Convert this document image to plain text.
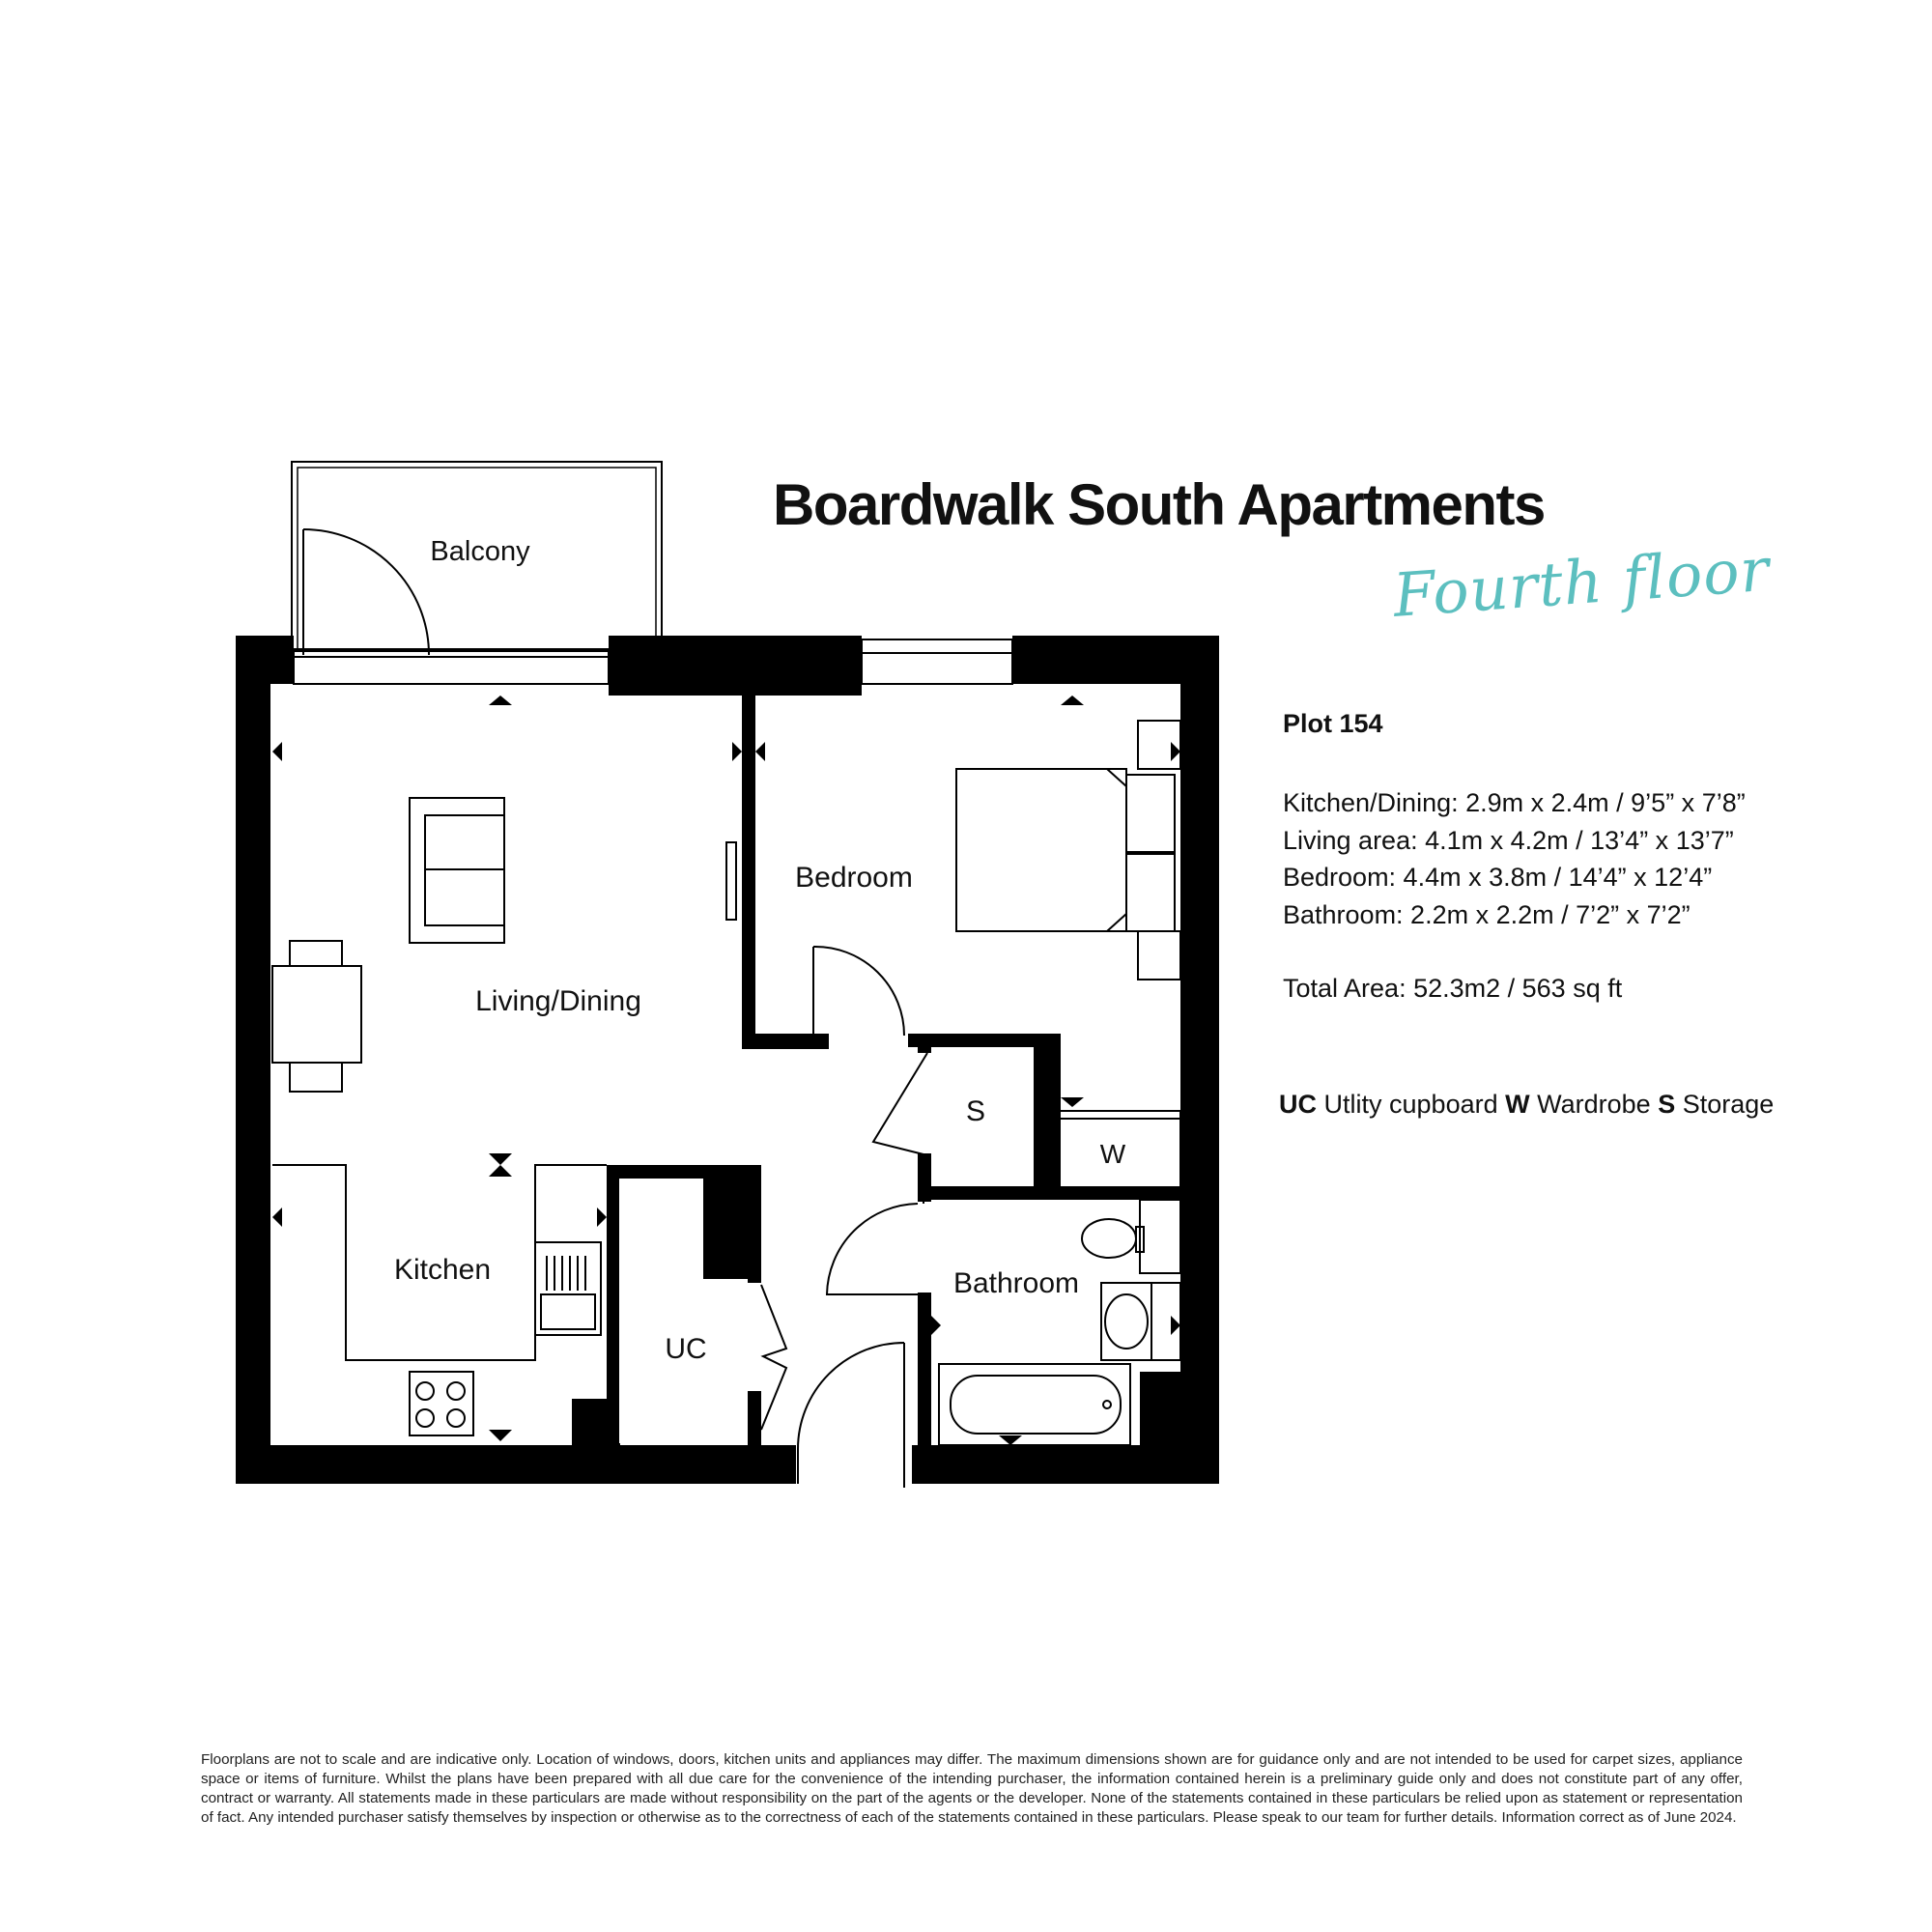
Balcony
Living/Dining
Bedroom
Kitchen
UC
S
W
Bathroom
Boardwalk South Apartments
Fourth floor
Plot 154
Kitchen/Dining: 2.9m x 2.4m / 9’5” x 7’8”
Living area: 4.1m x 4.2m / 13’4” x 13’7”
Bedroom: 4.4m x 3.8m / 14’4” x 12’4”
Bathroom: 2.2m x 2.2m / 7’2” x 7’2”
Total Area: 52.3m2 / 563 sq ft
UC Utlity cupboard W Wardrobe S Storage
Floorplans are not to scale and are indicative only. Location of windows, doors, kitchen units and appliances may differ. The maximum dimensions shown are for guidance only and are not intended to be used for carpet sizes, appliance space or items of furniture. Whilst the plans have been prepared with all due care for the convenience of the intending purchaser, the information contained herein is a preliminary guide only and does not constitute part of any offer, contract or warranty. All statements made in these particulars are made without responsibility on the part of the agents or the developer. None of the statements contained in these particulars be relied upon as statement or representation of fact. Any intended purchaser satisfy themselves by inspection or otherwise as to the correctness of each of the statements contained in these particulars. Please speak to our team for further details. Information correct as of June 2024.
